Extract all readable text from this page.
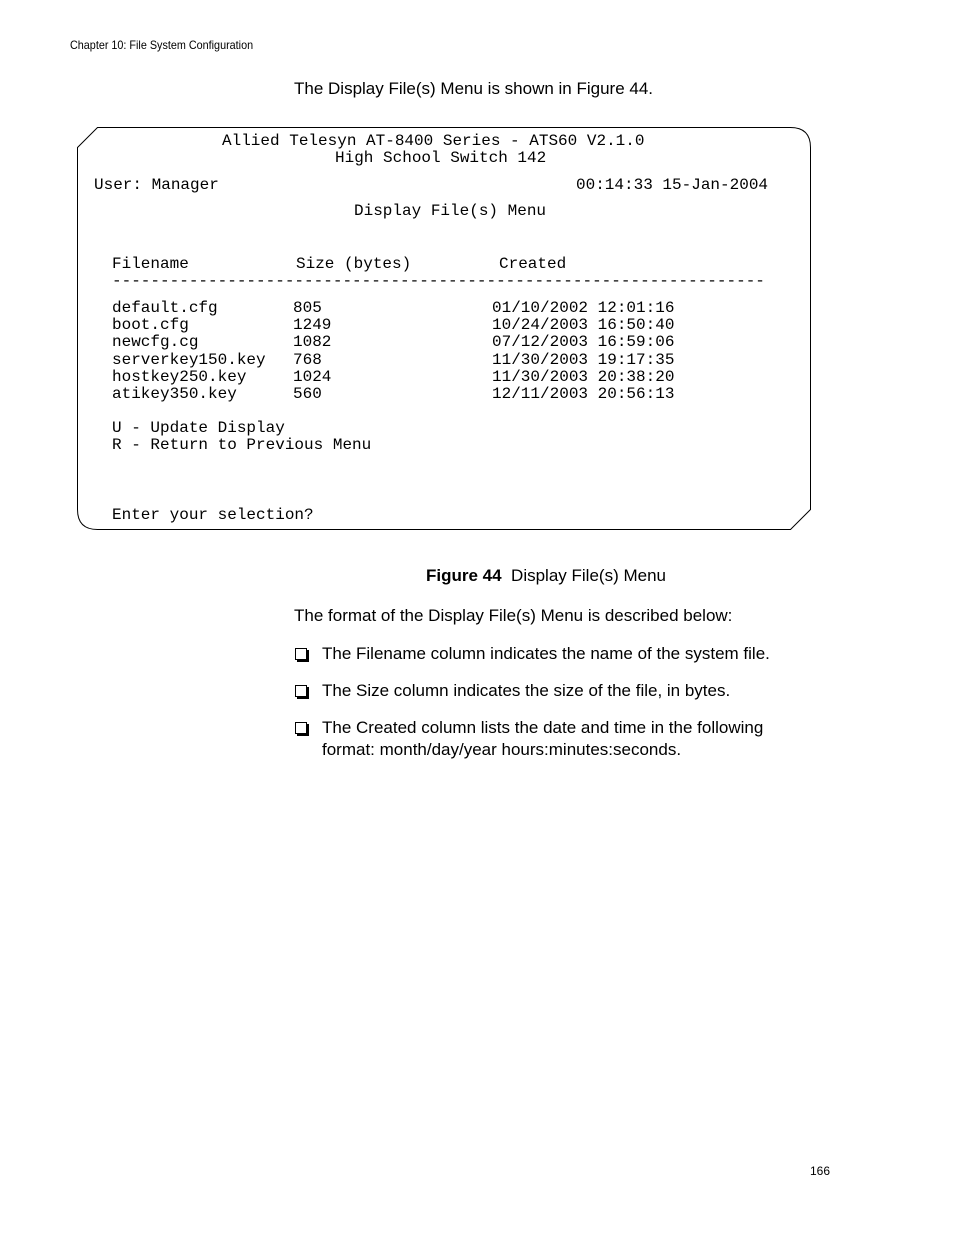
Chapter 10: File System Configuration
The Display File(s) Menu is shown in Figure 44.
Allied Telesyn AT-8400 Series - ATS60 V2.1.0
High School Switch 142
User: Manager	00:14:33 15-Jan-2004
Display File(s) Menu
Filename	Size (bytes)	Created
--------------------------------------------------------------------
default.cfg	805	01/10/2002 12:01:16
boot.cfg	1249	10/24/2003 16:50:40
newcfg.cg	1082	07/12/2003 16:59:06
serverkey150.key 768	11/30/2003 19:17:35
hostkey250.key	1024	11/30/2003 20:38:20
atikey350.key	560	12/11/2003 20:56:13
U - Update Display
R - Return to Previous Menu
Enter your selection?
Figure 44 Display File(s) Menu
The format of the Display File(s) Menu is described below:
The Filename column indicates the name of the system file.
The Size column indicates the size of the file, in bytes.
The Created column lists the date and time in the following format: month/day/year hours:minutes:seconds.
166
